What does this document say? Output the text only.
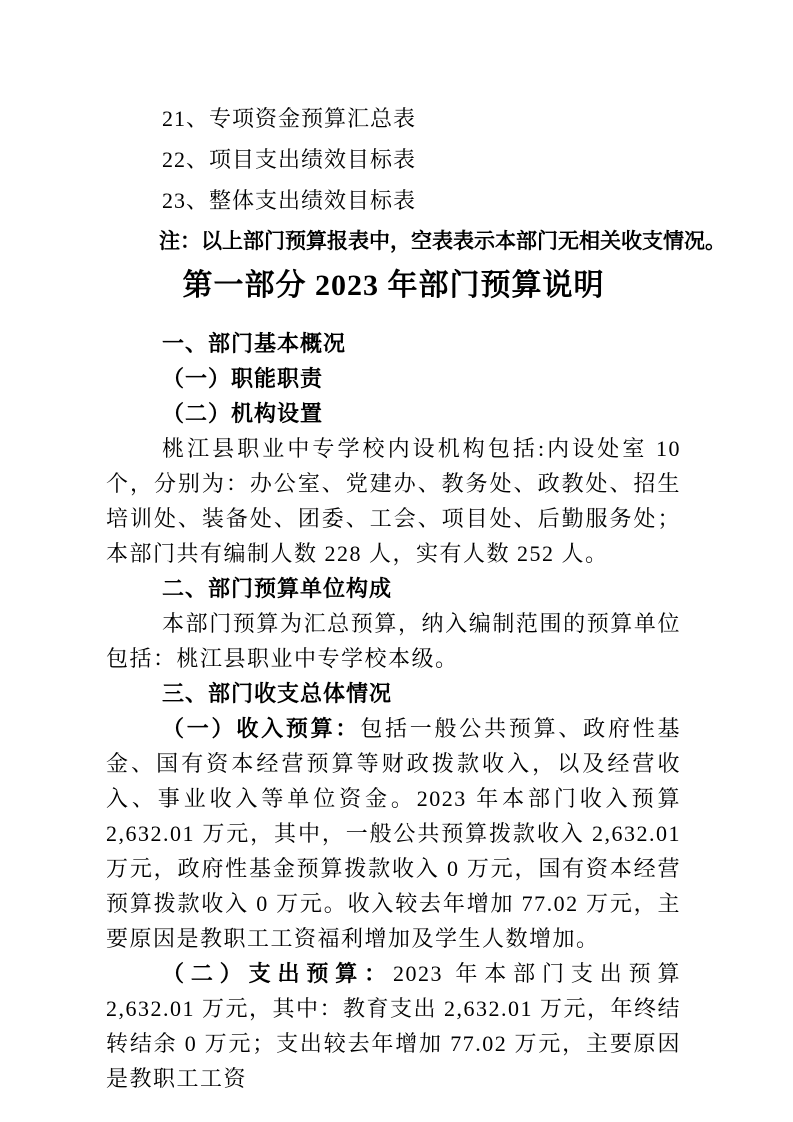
21、专项资金预算汇总表
22、项目支出绩效目标表
23、整体支出绩效目标表
注：以上部门预算报表中，空表表示本部门无相关收支情况。
第一部分 2023 年部门预算说明

一、部门基本概况

（一）职能职责

（二）机构设置

桃江县职业中专学校内设机构包括:内设处室 10 个，分别为：办公室、党建办、教务处、政教处、招生培训处、装备处、团委、工会、项目处、后勤服务处；本部门共有编制人数 228 人，实有人数 252 人。

二、部门预算单位构成

本部门预算为汇总预算，纳入编制范围的预算单位包括：桃江县职业中专学校本级。

三、部门收支总体情况

（一）收入预算：包括一般公共预算、政府性基金、国有资本经营预算等财政拨款收入，以及经营收入、事业收入等单位资金。2023 年本部门收入预算 2,632.01 万元，其中，一般公共预算拨款收入 2,632.01 万元，政府性基金预算拨款收入 0 万元，国有资本经营预算拨款收入 0 万元。收入较去年增加 77.02 万元，主要原因是教职工工资福利增加及学生人数增加。

（二）支出预算：2023 年本部门支出预算 2,632.01 万元，其中：教育支出 2,632.01 万元，年终结转结余 0 万元；支出较去年增加 77.02 万元，主要原因是教职工工资
